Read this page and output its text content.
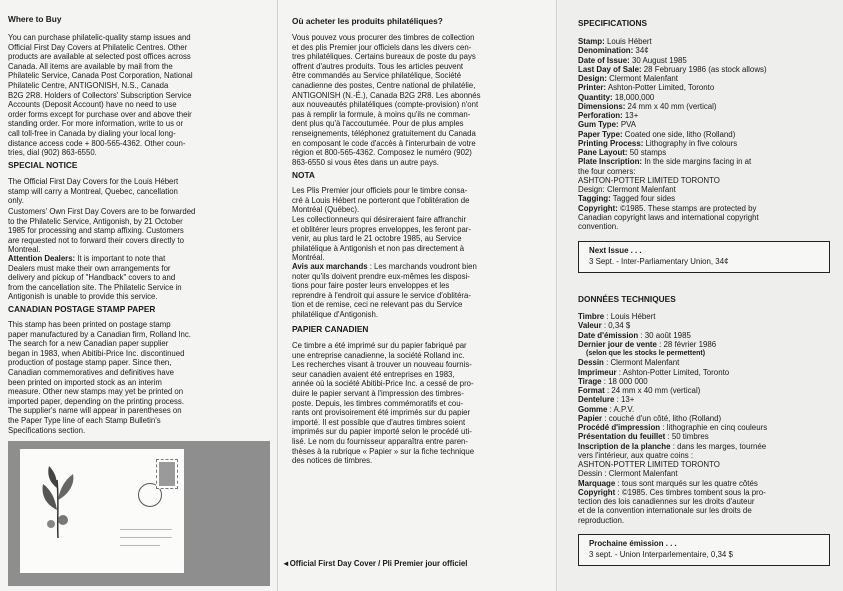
Where to Buy

You can purchase philatelic-quality stamp issues and

Official First Day Covers at Philatelic Centres. Other

products are available at selected post offices across

Canada. All items are available by mail from the

Philatelic Service, Canada Post Corporation, National

Philatelic Centre, ANTIGONISH, N.S., Canada

B2G 2R8. Holders of Collectors' Subscription Service

Accounts (Deposit Account) have no need to use

order forms except for purchase over and above their

standing order. For more information, write to us or

call toll-free in Canada by dialing your local long-

distance access code + 800-565-4362. Other coun-

tries, dial (902) 863-6550.

SPECIAL NOTICE

The Official First Day Covers for the Louis Hébert

stamp will carry a Montreal, Quebec, cancellation

only.

Customers' Own First Day Covers are to be forwarded

to the Philatelic Service, Antigonish, by 21 October

1985 for processing and stamp affixing. Customers

are requested not to forward their covers directly to

Montreal.

Attention Dealers: It is important to note that

Dealers must make their own arrangements for

delivery and pickup of "Handback" covers to and

from the cancellation site. The Philatelic Service in

Antigonish is unable to provide this service.

CANADIAN POSTAGE STAMP PAPER

This stamp has been printed on postage stamp

paper manufactured by a Canadian firm, Rolland Inc.

The search for a new Canadian paper supplier

began in 1983, when Abitibi-Price Inc. discontinued

production of postage stamp paper. Since then,

Canadian commemoratives and definitives have

been printed on imported stock as an interim

measure. Other new stamps may yet be printed on

imported paper, depending on the printing process.

The supplier's name will appear in parentheses on

the Paper Type line of each Stamp Bulletin's

Specifications section.

Où acheter les produits philatéliques?

Vous pouvez vous procurer des timbres de collection

et des plis Premier jour officiels dans les divers cen-

tres philatéliques. Certains bureaux de poste du pays

offrent d'autres produits. Tous les articles peuvent

être commandés au Service philatélique, Société

canadienne des postes, Centre national de philatélie,

ANTIGONISH (N.-É.), Canada B2G 2R8. Les abonnés

aux nouveautés philatéliques (compte-provision) n'ont

pas à remplir la formule, à moins qu'ils ne comman-

dent plus qu'à l'accoutumée. Pour de plus amples

renseignements, téléphonez gratuitement du Canada

en composant le code d'accès à l'interurbain de votre

région et 800-565-4362. Composez le numéro (902)

863-6550 si vous êtes dans un autre pays.

NOTA

Les Plis Premier jour officiels pour le timbre consa-

cré à Louis Hébert ne porteront que l'oblitération de

Montréal (Québec).

Les collectionneurs qui désireraient faire affranchir

et oblitérer leurs propres enveloppes, les feront par-

venir, au plus tard le 21 octobre 1985, au Service

philatélique à Antigonish et non pas directement à

Montréal.

Avis aux marchands : Les marchands voudront bien

noter qu'ils doivent prendre eux-mêmes les disposi-

tions pour faire poster leurs enveloppes et les

reprendre à l'endroit qui assure le service d'oblitéra-

tion et de remise, ceci ne relevant pas du Service

philatélique d'Antigonish.

PAPIER CANADIEN

Ce timbre a été imprimé sur du papier fabriqué par

une entreprise canadienne, la société Rolland inc.

Les recherches visant à trouver un nouveau fournis-

seur canadien avaient été entreprises en 1983,

année où la société Abitibi-Price Inc. a cessé de pro-

duire le papier servant à l'impression des timbres-

poste. Depuis, les timbres commémoratifs et cou-

rants ont provisoirement été imprimés sur du papier

importé. Il est possible que d'autres timbres soient

imprimés sur du papier importé selon le procédé uti-

lisé. Le nom du fournisseur apparaîtra entre paren-

thèses à la rubrique « Papier » sur la fiche technique

des notices de timbres.

◄Official First Day Cover / Pli Premier jour officiel

SPECIFICATIONS

Stamp: Louis Hébert

Denomination: 34¢

Date of Issue: 30 August 1985

Last Day of Sale: 28 February 1986 (as stock allows)

Design: Clermont Malenfant

Printer: Ashton-Potter Limited, Toronto

Quantity: 18,000,000

Dimensions: 24 mm x 40 mm (vertical)

Perforation: 13+

Gum Type: PVA

Paper Type: Coated one side, litho (Rolland)

Printing Process: Lithography in five colours

Pane Layout: 50 stamps

Plate Inscription: In the side margins facing in at

the four corners:

ASHTON-POTTER LIMITED TORONTO

Design: Clermont Malenfant

Tagging: Tagged four sides

Copyright: ©1985. These stamps are protected by

Canadian copyright laws and international copyright

convention.

Next Issue . . .

3 Sept. - Inter-Parliamentary Union, 34¢

DONNÉES TECHNIQUES

Timbre : Louis Hébert

Valeur : 0,34 $

Date d'émission : 30 août 1985

Dernier jour de vente : 28 février 1986

(selon que les stocks le permettent)

Dessin : Clermont Malenfant

Imprimeur : Ashton-Potter Limited, Toronto

Tirage : 18 000 000

Format : 24 mm x 40 mm (vertical)

Dentelure : 13+

Gomme : A.P.V.

Papier : couché d'un côté, litho (Rolland)

Procédé d'impression : lithographie en cinq couleurs

Présentation du feuillet : 50 timbres

Inscription de la planche : dans les marges, tournée

vers l'intérieur, aux quatre coins :

ASHTON-POTTER LIMITED TORONTO

Dessin : Clermont Malenfant

Marquage : tous sont marqués sur les quatre côtés

Copyright : ©1985. Ces timbres tombent sous la pro-

tection des lois canadiennes sur les droits d'auteur

et de la convention internationale sur les droits de

reproduction.

Prochaine émission . . .

3 sept. - Union Interparlementaire, 0,34 $
